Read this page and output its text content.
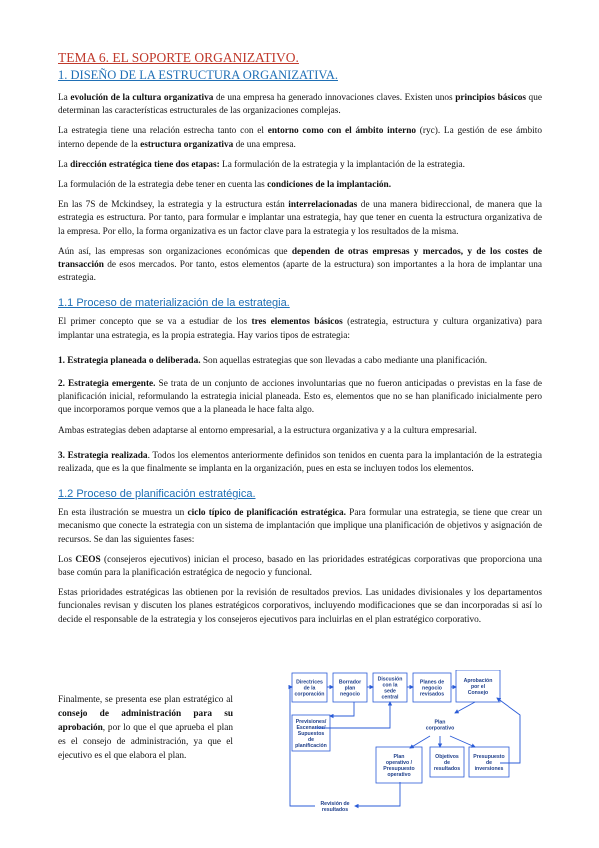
TEMA 6. EL SOPORTE ORGANIZATIVO.
1. DISEÑO DE LA ESTRUCTURA ORGANIZATIVA.

La evolución de la cultura organizativa de una empresa ha generado innovaciones claves. Existen unos principios básicos que determinan las características estructurales de las organizaciones complejas.

La estrategia tiene una relación estrecha tanto con el entorno como con el ámbito interno (ryc). La gestión de ese ámbito interno depende de la estructura organizativa de una empresa.

La dirección estratégica tiene dos etapas: La formulación de la estrategia y la implantación de la estrategia.

La formulación de la estrategia debe tener en cuenta las condiciones de la implantación.

En las 7S de Mckindsey, la estrategia y la estructura están interrelacionadas de una manera bidireccional, de manera que la estrategia es estructura. Por tanto, para formular e implantar una estrategia, hay que tener en cuenta la estructura organizativa de la empresa. Por ello, la forma organizativa es un factor clave para la estrategia y los resultados de la misma.

Aún así, las empresas son organizaciones económicas que dependen de otras empresas y mercados, y de los costes de transacción de esos mercados. Por tanto, estos elementos (aparte de la estructura) son importantes a la hora de implantar una estrategia.

1.1 Proceso de materialización de la estrategia.

El primer concepto que se va a estudiar de los tres elementos básicos (estrategia, estructura y cultura organizativa) para implantar una estrategia, es la propia estrategia. Hay varios tipos de estrategia:

1. Estrategia planeada o deliberada. Son aquellas estrategias que son llevadas a cabo mediante una planificación.

2. Estrategia emergente. Se trata de un conjunto de acciones involuntarias que no fueron anticipadas o previstas en la fase de planificación inicial, reformulando la estrategia inicial planeada. Esto es, elementos que no se han planificado inicialmente pero que incorporamos porque vemos que a la planeada le hace falta algo.

Ambas estrategias deben adaptarse al entorno empresarial, a la estructura organizativa y a la cultura empresarial.

3. Estrategia realizada. Todos los elementos anteriormente definidos son tenidos en cuenta para la implantación de la estrategia realizada, que es la que finalmente se implanta en la organización, pues en esta se incluyen todos los elementos.

1.2 Proceso de planificación estratégica.

En esta ilustración se muestra un ciclo típico de planificación estratégica. Para formular una estrategia, se tiene que crear un mecanismo que conecte la estrategia con un sistema de implantación que implique una planificación de objetivos y asignación de recursos. Se dan las siguientes fases:

Los CEOS (consejeros ejecutivos) inician el proceso, basado en las prioridades estratégicas corporativas que proporciona una base común para la planificación estratégica de negocio y funcional.

Estas prioridades estratégicas las obtienen por la revisión de resultados previos. Las unidades divisionales y los departamentos funcionales revisan y discuten los planes estratégicos corporativos, incluyendo modificaciones que se dan incorporadas si así lo decide el responsable de la estrategia y los consejeros ejecutivos para incluirlas en el plan estratégico corporativo.

Finalmente, se presenta ese plan estratégico al consejo de administración para su aprobación, por lo que el que aprueba el plan es el consejo de administración, ya que el ejecutivo es el que elabora el plan.

Directrices
de la
corporación
Borrador
plan
negocio
Discusión
con la
sede
central
Planes de
negocio
revisados
Aprobación
por el
Consejo
Previsiones/
Escenarios/
Supuestos
de
planificación
Plan
corporativo
Plan
operativo /
Presupuesto
operativo
Objetivos
de
resultados
Presupuesto
de
inversiones
Revisión de
resultados
